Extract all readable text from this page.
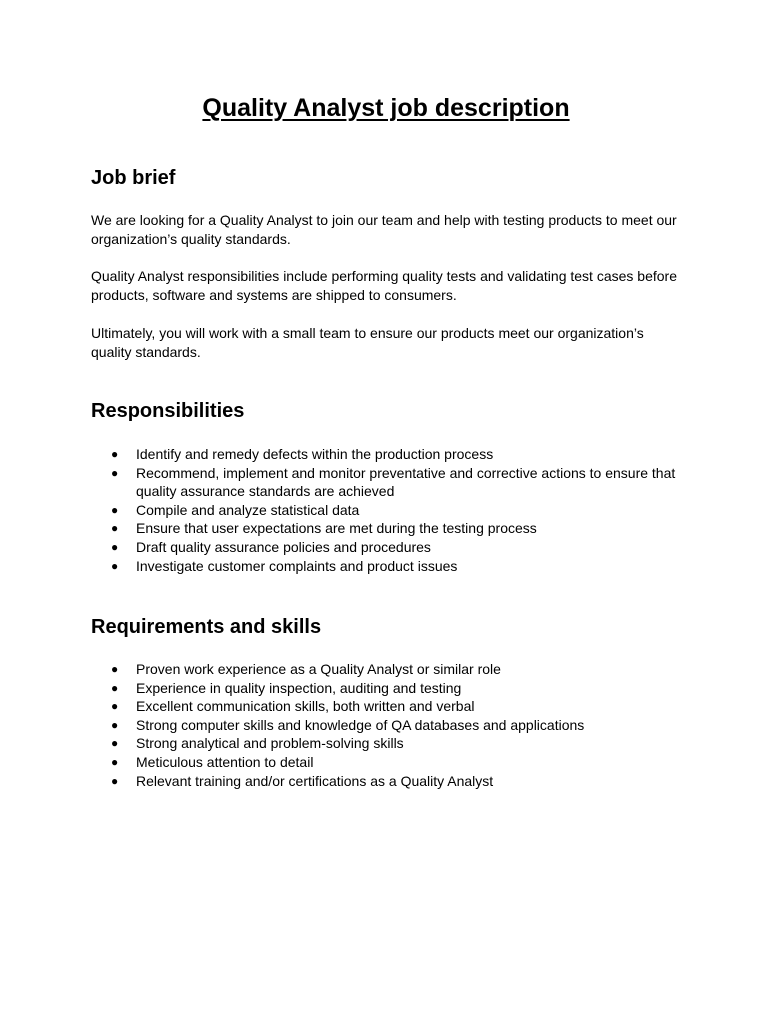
Quality Analyst job description
Job brief

We are looking for a Quality Analyst to join our team and help with testing products to meet our organization’s quality standards.

Quality Analyst responsibilities include performing quality tests and validating test cases before products, software and systems are shipped to consumers.

Ultimately, you will work with a small team to ensure our products meet our organization’s quality standards.

Responsibilities
● Identify and remedy defects within the production process
● Recommend, implement and monitor preventative and corrective actions to ensure that quality assurance standards are achieved
● Compile and analyze statistical data
● Ensure that user expectations are met during the testing process
● Draft quality assurance policies and procedures
● Investigate customer complaints and product issues
Requirements and skills
● Proven work experience as a Quality Analyst or similar role
● Experience in quality inspection, auditing and testing
● Excellent communication skills, both written and verbal
● Strong computer skills and knowledge of QA databases and applications
● Strong analytical and problem-solving skills
● Meticulous attention to detail
● Relevant training and/or certifications as a Quality Analyst
